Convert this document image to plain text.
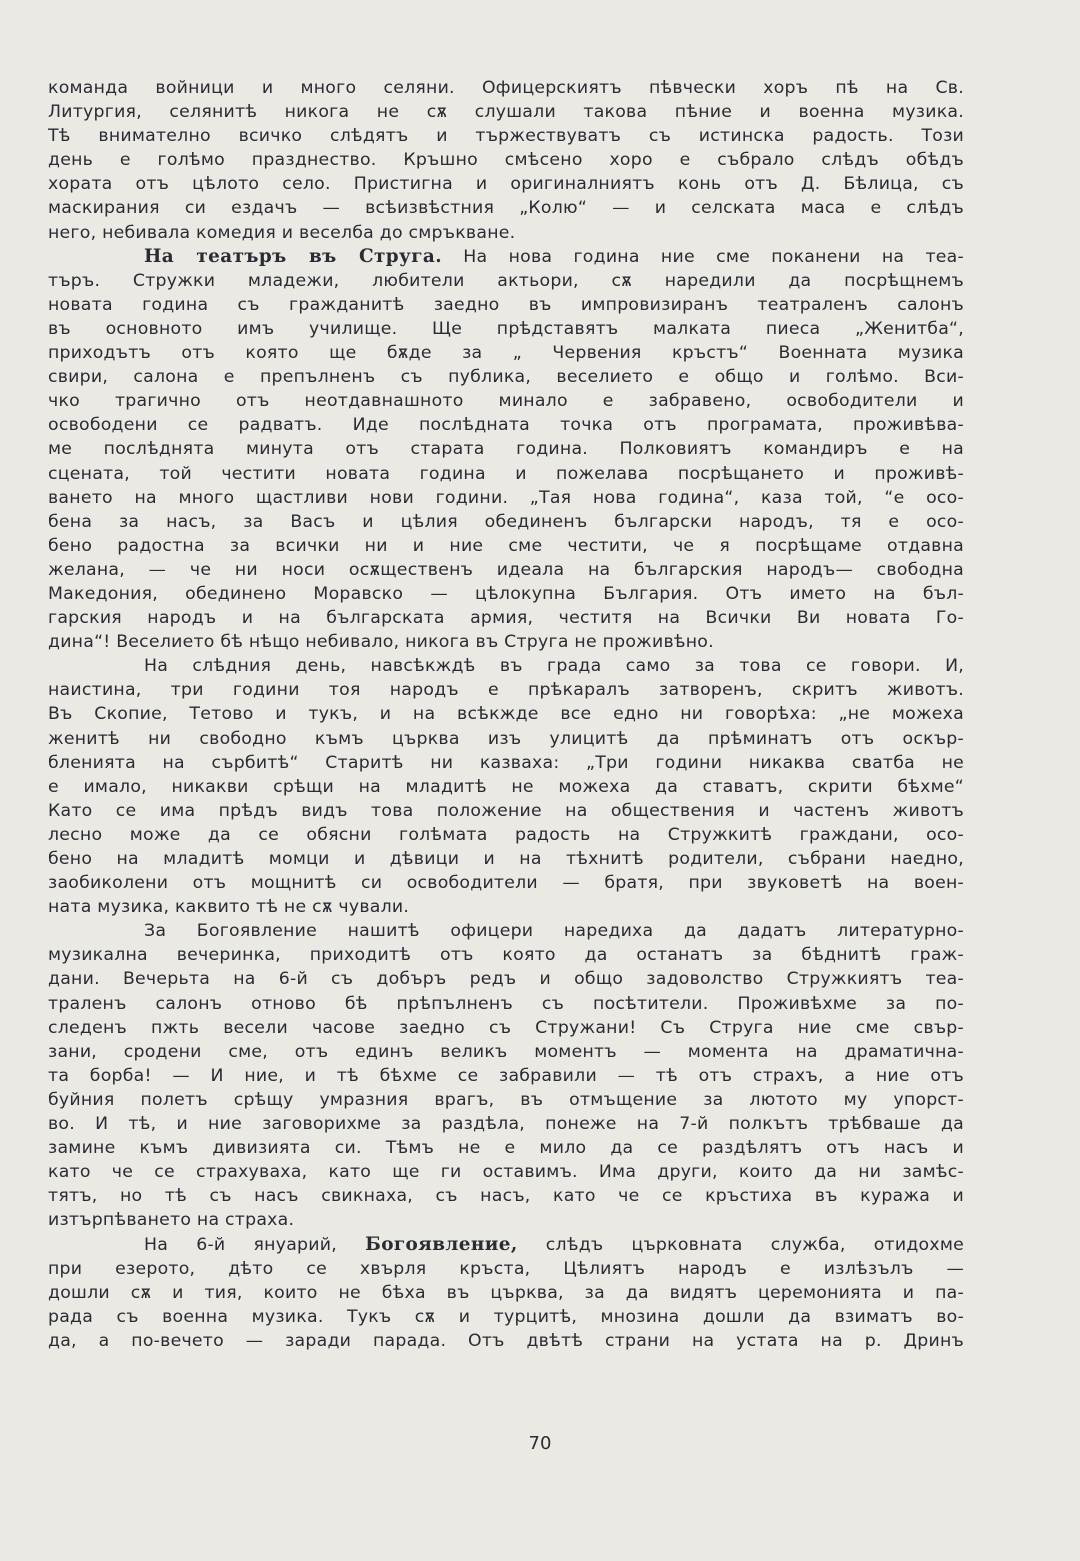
команда войници и много селяни. Офицерскиятъ пѣвчески хоръ пѣ на Св.
Литургия, селянитѣ никога не сѫ слушали такова пѣние и военна музика.
Тѣ внимателно всичко слѣдятъ и тържествуватъ съ истинска радость. Този
день е голѣмо празднество. Кръшно смѣсено хоро е събрало слѣдъ обѣдъ
хората отъ цѣлото село. Пристигна и оригиналниятъ конь отъ Д. Бѣлица, съ
маскирания си ездачъ — всѣизвѣстния „Колю“ — и селската маса е слѣдъ
него, небивала комедия и веселба до смръкване.
На театъръ въ Струга. На нова година ние сме поканени на теа-
търъ. Стружки младежи, любители актьори, сѫ наредили да посрѣщнемъ
новата година съ гражданитѣ заедно въ импровизиранъ театраленъ салонъ
въ основното имъ училище. Ще прѣдставятъ малката пиеса „Женитба“,
приходътъ отъ която ще бѫде за „ Червения кръстъ“ Военната музика
свири, салона е препълненъ съ публика, веселието е общо и голѣмо. Вси-
чко трагично отъ неотдавнашното минало е забравено, освободители и
освободени се радватъ. Иде послѣдната точка отъ програмата, проживѣва-
ме послѣднята минута отъ старата година. Полковиятъ командиръ е на
сцената, той честити новата година и пожелава посрѣщането и проживѣ-
ването на много щастливи нови години. „Тая нова година“, каза той, “е осо-
бена за насъ, за Васъ и цѣлия обединенъ български народъ, тя е осо-
бено радостна за всички ни и ние сме честити, че я посрѣщаме отдавна
желана, — че ни носи осѫщественъ идеала на българския народъ— свободна
Македония, обединено Моравско — цѣлокупна България. Отъ името на бъл-
гарския народъ и на българската армия, честитя на Всички Ви новата Го-
дина“! Веселието бѣ нѣщо небивало, никога въ Струга не проживѣно.
На слѣдния день, навсѣкждѣ въ града само за това се говори. И,
наистина, три години тоя народъ е прѣкаралъ затворенъ, скритъ животъ.
Въ Скопие, Тетово и тукъ, и на всѣкжде все едно ни говорѣха: „не можеха
женитѣ ни свободно къмъ църква изъ улицитѣ да прѣминатъ отъ оскър-
бленията на сърбитѣ“ Старитѣ ни казваха: „Три години никаква сватба не
е имало, никакви срѣщи на младитѣ не можеха да ставатъ, скрити бѣхме“
Като се има прѣдъ видъ това положение на обществения и частенъ животъ
лесно може да се обясни голѣмата радость на Стружкитѣ граждани, осо-
бено на младитѣ момци и дѣвици и на тѣхнитѣ родители, събрани наедно,
заобиколени отъ мощнитѣ си освободители — братя, при звуковетѣ на воен-
ната музика, каквито тѣ не сѫ чували.
За Богоявление нашитѣ офицери наредиха да дадатъ литературно-
музикална вечеринка, приходитѣ отъ която да останатъ за бѣднитѣ граж-
дани. Вечерьта на 6-й съ добъръ редъ и общо задоволство Стружкиятъ теа-
траленъ салонъ отново бѣ прѣпълненъ съ посѣтители. Проживѣхме за по-
следенъ пжть весели часове заедно съ Стружани! Съ Струга ние сме свър-
зани, сродени сме, отъ единъ великъ моментъ — момента на драматична-
та борба! — И ние, и тѣ бѣхме се забравили — тѣ отъ страхъ, а ние отъ
буйния полетъ срѣщу умразния врагъ, въ отмъщение за лютото му упорст-
во. И тѣ, и ние заговорихме за раздѣла, понеже на 7-й полкътъ трѣбваше да
замине къмъ дивизията си. Тѣмъ не е мило да се раздѣлятъ отъ насъ и
като че се страхуваха, като ще ги оставимъ. Има други, които да ни замѣс-
тятъ, но тѣ съ насъ свикнаха, съ насъ, като че се кръстиха въ куража и
изтърпѣването на страха.
На 6-й януарий, Богоявление, слѣдъ църковната служба, отидохме
при езерото, дѣто се хвърля кръста, Цѣлиятъ народъ е излѣзълъ —
дошли сѫ и тия, които не бѣха въ църква, за да видятъ церемонията и па-
рада съ военна музика. Тукъ сѫ и турцитѣ, мнозина дошли да взиматъ во-
да, а по-вечето — заради парада. Отъ двѣтѣ страни на устата на р. Дринъ
70
